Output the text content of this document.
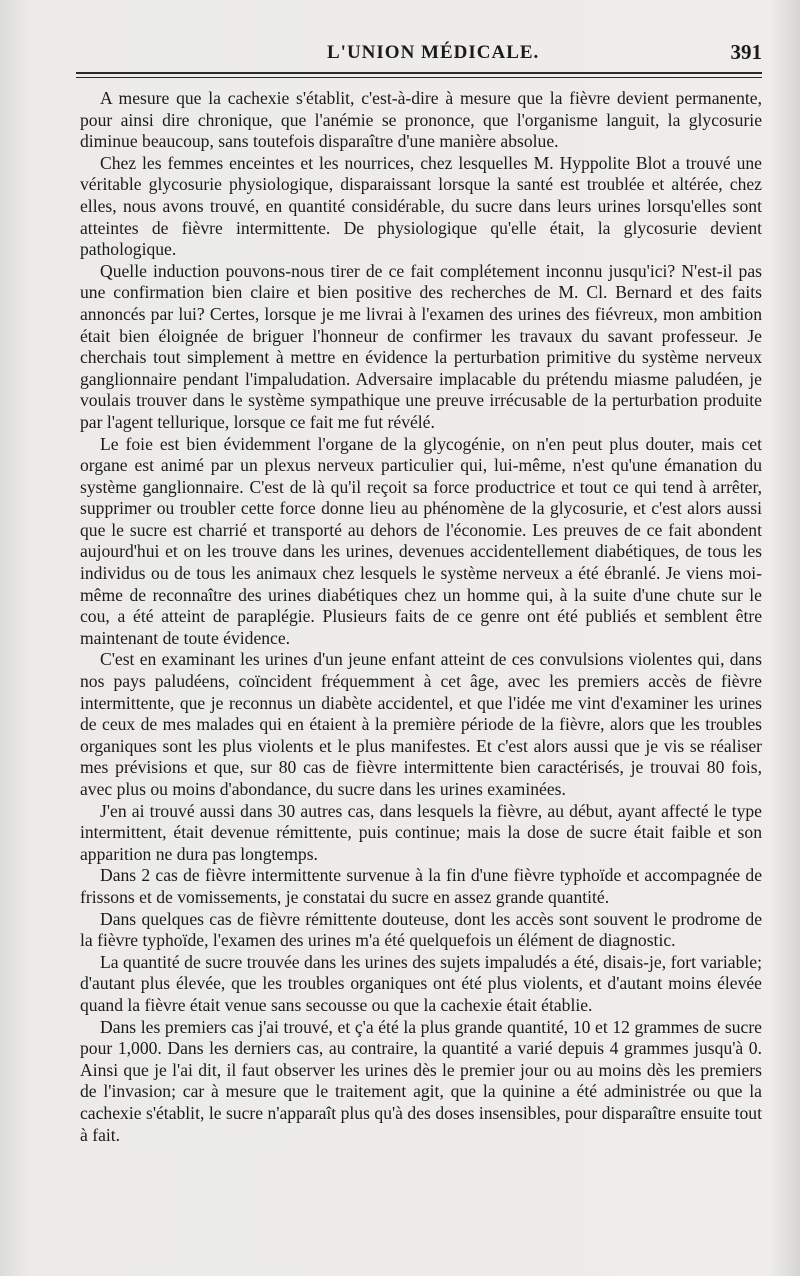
L'UNION MÉDICALE.	391

A mesure que la cachexie s'établit, c'est-à-dire à mesure que la fièvre devient permanente, pour ainsi dire chronique, que l'anémie se prononce, que l'organisme languit, la glycosurie diminue beaucoup, sans toutefois disparaître d'une manière absolue.

Chez les femmes enceintes et les nourrices, chez lesquelles M. Hyppolite Blot a trouvé une véritable glycosurie physiologique, disparaissant lorsque la santé est troublée et altérée, chez elles, nous avons trouvé, en quantité considérable, du sucre dans leurs urines lorsqu'elles sont atteintes de fièvre intermittente. De physiologique qu'elle était, la glycosurie devient pathologique.

Quelle induction pouvons-nous tirer de ce fait complétement inconnu jusqu'ici? N'est-il pas une confirmation bien claire et bien positive des recherches de M. Cl. Bernard et des faits annoncés par lui? Certes, lorsque je me livrai à l'examen des urines des fiévreux, mon ambition était bien éloignée de briguer l'honneur de confirmer les travaux du savant professeur. Je cherchais tout simplement à mettre en évidence la perturbation primitive du système nerveux ganglionnaire pendant l'impaludation. Adversaire implacable du prétendu miasme paludéen, je voulais trouver dans le système sympathique une preuve irrécusable de la perturbation produite par l'agent tellurique, lorsque ce fait me fut révélé.

Le foie est bien évidemment l'organe de la glycogénie, on n'en peut plus douter, mais cet organe est animé par un plexus nerveux particulier qui, lui-même, n'est qu'une émanation du système ganglionnaire. C'est de là qu'il reçoit sa force productrice et tout ce qui tend à arrêter, supprimer ou troubler cette force donne lieu au phénomène de la glycosurie, et c'est alors aussi que le sucre est charrié et transporté au dehors de l'économie. Les preuves de ce fait abondent aujourd'hui et on les trouve dans les urines, devenues accidentellement diabétiques, de tous les individus ou de tous les animaux chez lesquels le système nerveux a été ébranlé. Je viens moi-même de reconnaître des urines diabétiques chez un homme qui, à la suite d'une chute sur le cou, a été atteint de paraplégie. Plusieurs faits de ce genre ont été publiés et semblent être maintenant de toute évidence.

C'est en examinant les urines d'un jeune enfant atteint de ces convulsions violentes qui, dans nos pays paludéens, coïncident fréquemment à cet âge, avec les premiers accès de fièvre intermittente, que je reconnus un diabète accidentel, et que l'idée me vint d'examiner les urines de ceux de mes malades qui en étaient à la première période de la fièvre, alors que les troubles organiques sont les plus violents et le plus manifestes. Et c'est alors aussi que je vis se réaliser mes prévisions et que, sur 80 cas de fièvre intermittente bien caractérisés, je trouvai 80 fois, avec plus ou moins d'abondance, du sucre dans les urines examinées.

J'en ai trouvé aussi dans 30 autres cas, dans lesquels la fièvre, au début, ayant affecté le type intermittent, était devenue rémittente, puis continue; mais la dose de sucre était faible et son apparition ne dura pas longtemps.

Dans 2 cas de fièvre intermittente survenue à la fin d'une fièvre typhoïde et accompagnée de frissons et de vomissements, je constatai du sucre en assez grande quantité.

Dans quelques cas de fièvre rémittente douteuse, dont les accès sont souvent le prodrome de la fièvre typhoïde, l'examen des urines m'a été quelquefois un élément de diagnostic.

La quantité de sucre trouvée dans les urines des sujets impaludés a été, disais-je, fort variable; d'autant plus élevée, que les troubles organiques ont été plus violents, et d'autant moins élevée quand la fièvre était venue sans secousse ou que la cachexie était établie.

Dans les premiers cas j'ai trouvé, et ç'a été la plus grande quantité, 10 et 12 grammes de sucre pour 1,000. Dans les derniers cas, au contraire, la quantité a varié depuis 4 grammes jusqu'à 0. Ainsi que je l'ai dit, il faut observer les urines dès le premier jour ou au moins dès les premiers de l'invasion; car à mesure que le traitement agit, que la quinine a été administrée ou que la cachexie s'établit, le sucre n'apparaît plus qu'à des doses insensibles, pour disparaître ensuite tout à fait.
